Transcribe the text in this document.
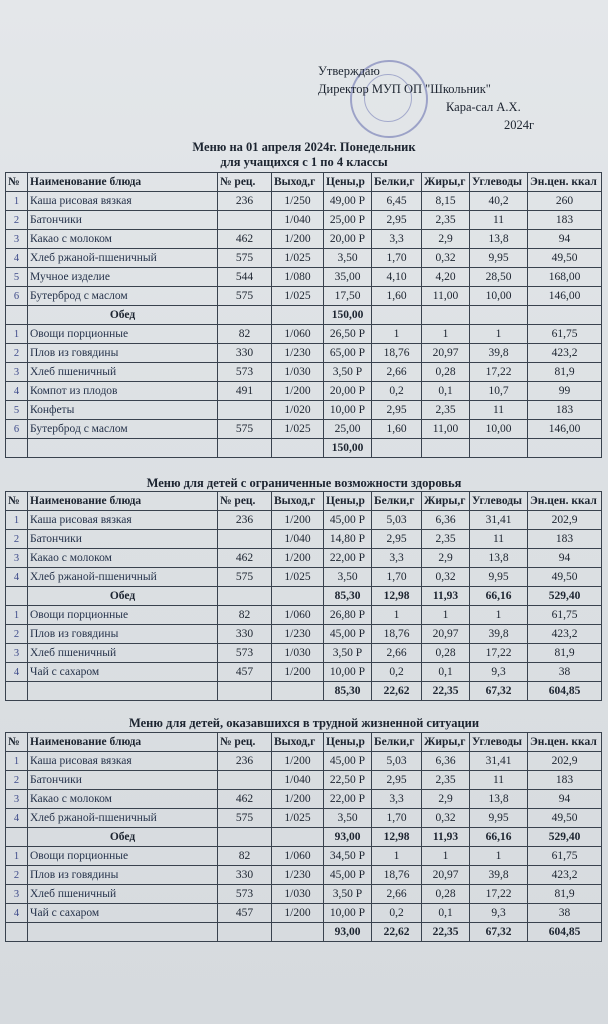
Утверждаю
Директор МУП ОП "Школьник"
Кара-сал А.Х.
2024г
Меню на 01 апреля 2024г. Понедельник
для учащихся с 1 по 4 классы
№	Наименование блюда	№ рец.	Выход,г	Цены,р	Белки,г	Жиры,г	Углеводы	Эн.цен. ккал
1	Каша рисовая вязкая	236	1/250	49,00 Р	6,45	8,15	40,2	260
2	Батончики		1/040	25,00 Р	2,95	2,35	11	183
3	Какао с молоком	462	1/200	20,00 Р	3,3	2,9	13,8	94
4	Хлеб ржаной-пшеничный	575	1/025	3,50	1,70	0,32	9,95	49,50
5	Мучное изделие	544	1/080	35,00	4,10	4,20	28,50	168,00
6	Бутерброд с маслом	575	1/025	17,50	1,60	11,00	10,00	146,00
	Обед			150,00				
1	Овощи порционные	82	1/060	26,50 Р	1	1	1	61,75
2	Плов из говядины	330	1/230	65,00 Р	18,76	20,97	39,8	423,2
3	Хлеб пшеничный	573	1/030	3,50 Р	2,66	0,28	17,22	81,9
4	Компот из плодов	491	1/200	20,00 Р	0,2	0,1	10,7	99
5	Конфеты		1/020	10,00 Р	2,95	2,35	11	183
6	Бутерброд с маслом	575	1/025	25,00	1,60	11,00	10,00	146,00
				150,00				
Меню для детей с ограниченные возможности здоровья
№	Наименование блюда	№ рец.	Выход,г	Цены,р	Белки,г	Жиры,г	Углеводы	Эн.цен. ккал
1	Каша рисовая вязкая	236	1/200	45,00 Р	5,03	6,36	31,41	202,9
2	Батончики		1/040	14,80 Р	2,95	2,35	11	183
3	Какао с молоком	462	1/200	22,00 Р	3,3	2,9	13,8	94
4	Хлеб ржаной-пшеничный	575	1/025	3,50	1,70	0,32	9,95	49,50
	Обед			85,30	12,98	11,93	66,16	529,40
1	Овощи порционные	82	1/060	26,80 Р	1	1	1	61,75
2	Плов из говядины	330	1/230	45,00 Р	18,76	20,97	39,8	423,2
3	Хлеб пшеничный	573	1/030	3,50 Р	2,66	0,28	17,22	81,9
4	Чай с сахаром	457	1/200	10,00 Р	0,2	0,1	9,3	38
				85,30	22,62	22,35	67,32	604,85
Меню для детей, оказавшихся в трудной жизненной ситуации
№	Наименование блюда	№ рец.	Выход,г	Цены,р	Белки,г	Жиры,г	Углеводы	Эн.цен. ккал
1	Каша рисовая вязкая	236	1/200	45,00 Р	5,03	6,36	31,41	202,9
2	Батончики		1/040	22,50 Р	2,95	2,35	11	183
3	Какао с молоком	462	1/200	22,00 Р	3,3	2,9	13,8	94
4	Хлеб ржаной-пшеничный	575	1/025	3,50	1,70	0,32	9,95	49,50
	Обед			93,00	12,98	11,93	66,16	529,40
1	Овощи порционные	82	1/060	34,50 Р	1	1	1	61,75
2	Плов из говядины	330	1/230	45,00 Р	18,76	20,97	39,8	423,2
3	Хлеб пшеничный	573	1/030	3,50 Р	2,66	0,28	17,22	81,9
4	Чай с сахаром	457	1/200	10,00 Р	0,2	0,1	9,3	38
				93,00	22,62	22,35	67,32	604,85
